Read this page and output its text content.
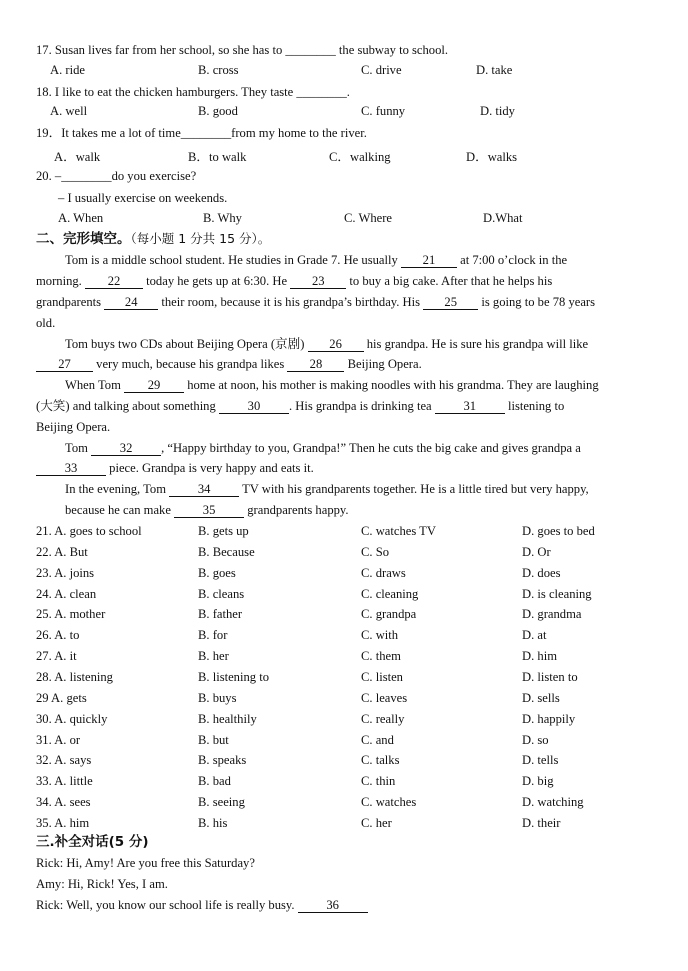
17. Susan lives far from her school, so she has to ________ the subway to school.
A. ride	B. cross	C. drive	D. take
18. I like to eat the chicken hamburgers. They taste ________.
A. well	B. good	C. funny	D. tidy
19．It takes me a lot of time________from my home to the river.
A．walk	B．to walk	C．walking	D．walks
20. –________do you exercise?
– I usually exercise on weekends.
A. When	B. Why	C. Where	D.What
二、完形填空。（每小题 1 分共 15 分）。
Tom is a middle school student. He studies in Grade 7. He usually 21 at 7:00 o’clock in the
morning. 22 today he gets up at 6:30. He 23 to buy a big cake. After that he helps his
grandparents 24 their room, because it is his grandpa’s birthday. His 25 is going to be 78 years
old.
Tom buys two CDs about Beijing Opera (京剧) 26 his grandpa. He is sure his grandpa will like
27 very much, because his grandpa likes 28 Beijing Opera.
When Tom 29 home at noon, his mother is making noodles with his grandma. They are laughing
(大笑) and talking about something 30 . His grandpa is drinking tea 31 listening to
Beijing Opera.
Tom 32 , “Happy birthday to you, Grandpa!” Then he cuts the big cake and gives grandpa a
33 piece. Grandpa is very happy and eats it.
In the evening, Tom 34 TV with his grandparents together. He is a little tired but very happy,
because he can make 35 grandparents happy.
21. A. goes to school	B. gets up	C. watches TV	D. goes to bed
22. A. But	B. Because	C. So	D. Or
23. A. joins	B. goes	C. draws	D. does
24. A. clean	B. cleans	C. cleaning	D. is cleaning
25. A. mother	B. father	C. grandpa	D. grandma
26. A. to	B. for	C. with	D. at
27. A. it	B. her	C. them	D. him
28. A. listening	B. listening to	C. listen	D. listen to
29 A. gets	B. buys	C. leaves	D. sells
30. A. quickly	B. healthily	C. really	D. happily
31. A. or	B. but	C. and	D. so
32. A. says	B. speaks	C. talks	D. tells
33. A. little	B. bad	C. thin	D. big
34. A. sees	B. seeing	C. watches	D. watching
35. A. him	B. his	C. her	D. their
三.补全对话(5 分)
Rick: Hi, Amy! Are you free this Saturday?
Amy: Hi, Rick! Yes, I am.
Rick: Well, you know our school life is really busy. 36
